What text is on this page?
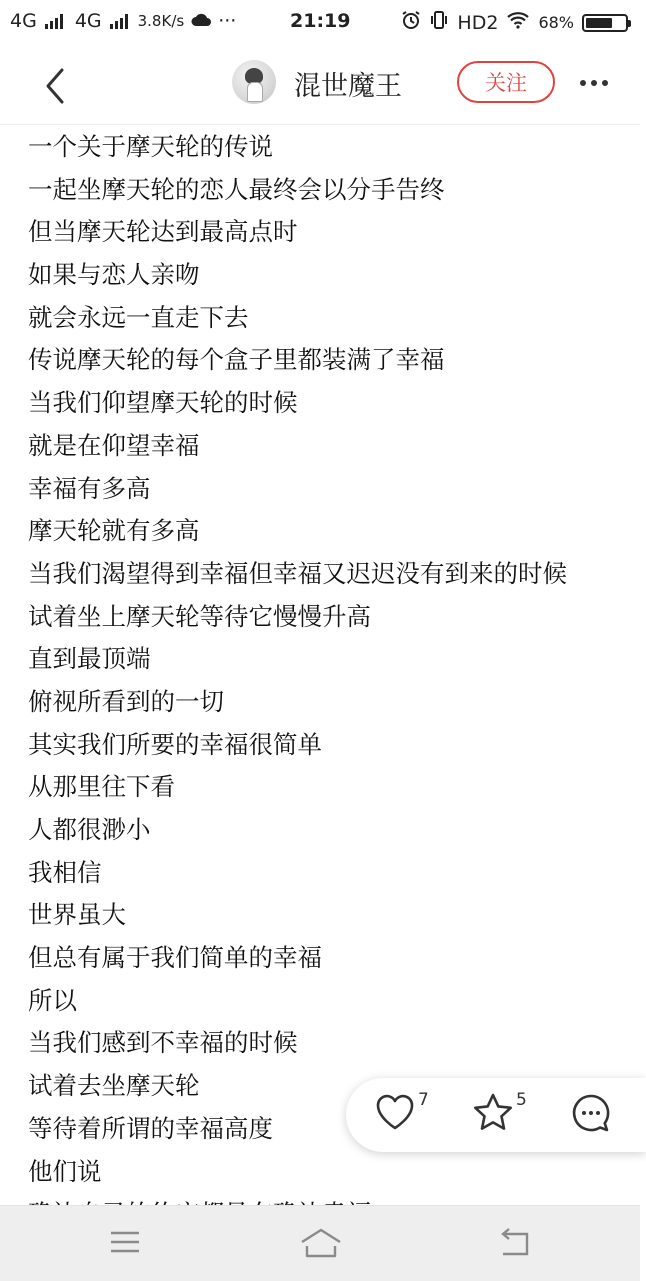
4G 4G 3.8K/s ···	21:19	HD2	68%
混世魔王	关注
一个关于摩天轮的传说
一起坐摩天轮的恋人最终会以分手告终
但当摩天轮达到最高点时
如果与恋人亲吻
就会永远一直走下去
传说摩天轮的每个盒子里都装满了幸福
当我们仰望摩天轮的时候
就是在仰望幸福
幸福有多高
摩天轮就有多高
当我们渴望得到幸福但幸福又迟迟没有到来的时候
试着坐上摩天轮等待它慢慢升高
直到最顶端
俯视所看到的一切
其实我们所要的幸福很简单
从那里往下看
人都很渺小
我相信
世界虽大
但总有属于我们简单的幸福
所以
当我们感到不幸福的时候
试着去坐摩天轮
等待着所谓的幸福高度
他们说
7	5
